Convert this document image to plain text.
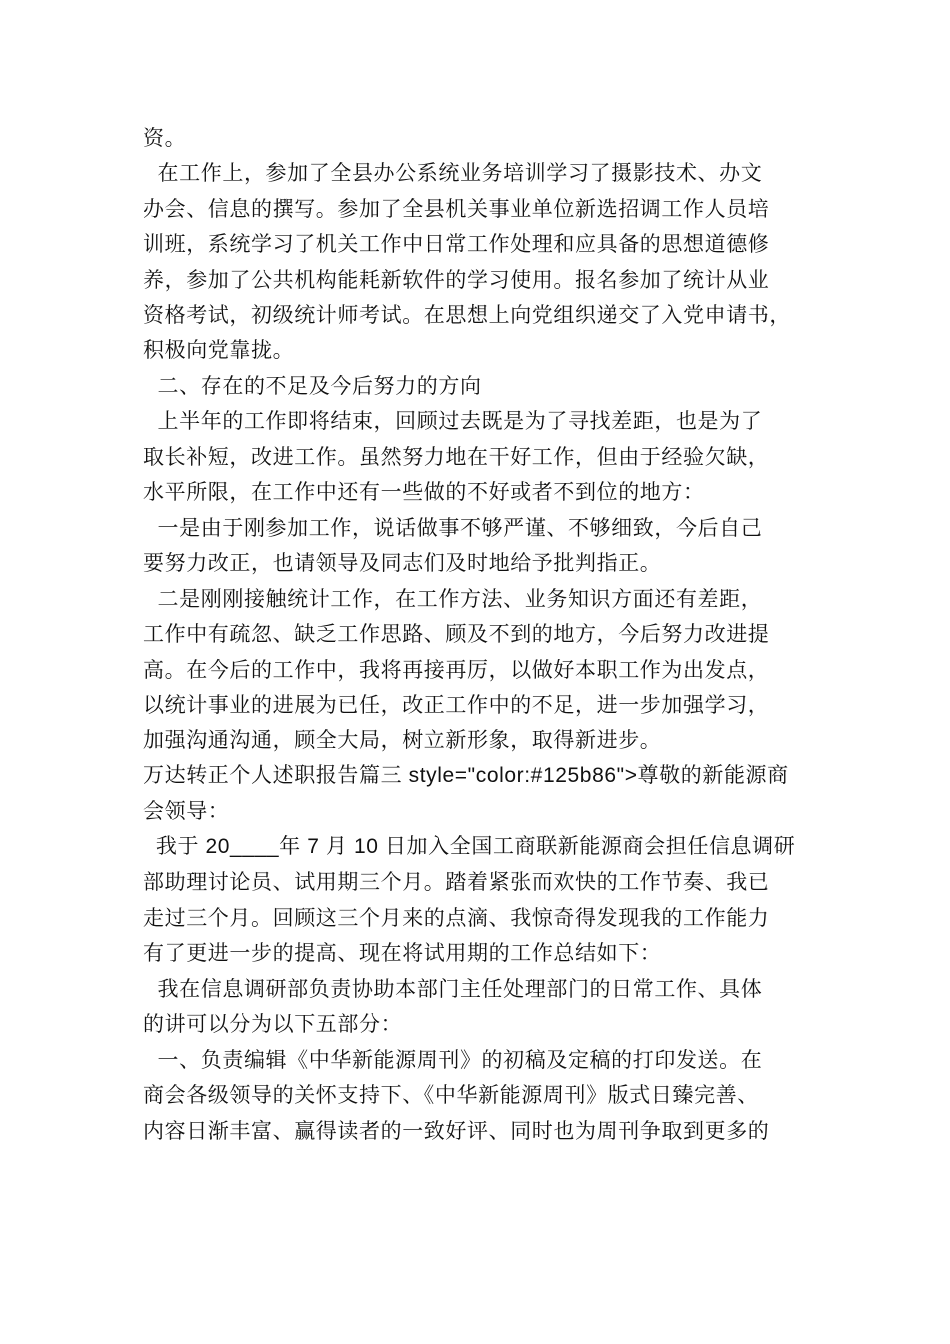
资。
在工作上，参加了全县办公系统业务培训学习了摄影技术、办文
办会、信息的撰写。参加了全县机关事业单位新选招调工作人员培
训班，系统学习了机关工作中日常工作处理和应具备的思想道德修
养，参加了公共机构能耗新软件的学习使用。报名参加了统计从业
资格考试，初级统计师考试。在思想上向党组织递交了入党申请书，
积极向党靠拢。
二、存在的不足及今后努力的方向
上半年的工作即将结束，回顾过去既是为了寻找差距，也是为了
取长补短，改进工作。虽然努力地在干好工作，但由于经验欠缺，
水平所限，在工作中还有一些做的不好或者不到位的地方：
一是由于刚参加工作，说话做事不够严谨、不够细致，今后自己
要努力改正，也请领导及同志们及时地给予批判指正。
二是刚刚接触统计工作，在工作方法、业务知识方面还有差距，
工作中有疏忽、缺乏工作思路、顾及不到的地方，今后努力改进提
高。在今后的工作中，我将再接再厉，以做好本职工作为出发点，
以统计事业的进展为已任，改正工作中的不足，进一步加强学习，
加强沟通沟通，顾全大局，树立新形象，取得新进步。
万达转正个人述职报告篇三 style="color:#125b86">尊敬的新能源商
会领导：
我于 20____年 7 月 10 日加入全国工商联新能源商会担任信息调研
部助理讨论员、试用期三个月。踏着紧张而欢快的工作节奏、我已
走过三个月。回顾这三个月来的点滴、我惊奇得发现我的工作能力
有了更进一步的提高、现在将试用期的工作总结如下：
我在信息调研部负责协助本部门主任处理部门的日常工作、具体
的讲可以分为以下五部分：
一、负责编辑《中华新能源周刊》的初稿及定稿的打印发送。在
商会各级领导的关怀支持下、《中华新能源周刊》版式日臻完善、
内容日渐丰富、赢得读者的一致好评、同时也为周刊争取到更多的
